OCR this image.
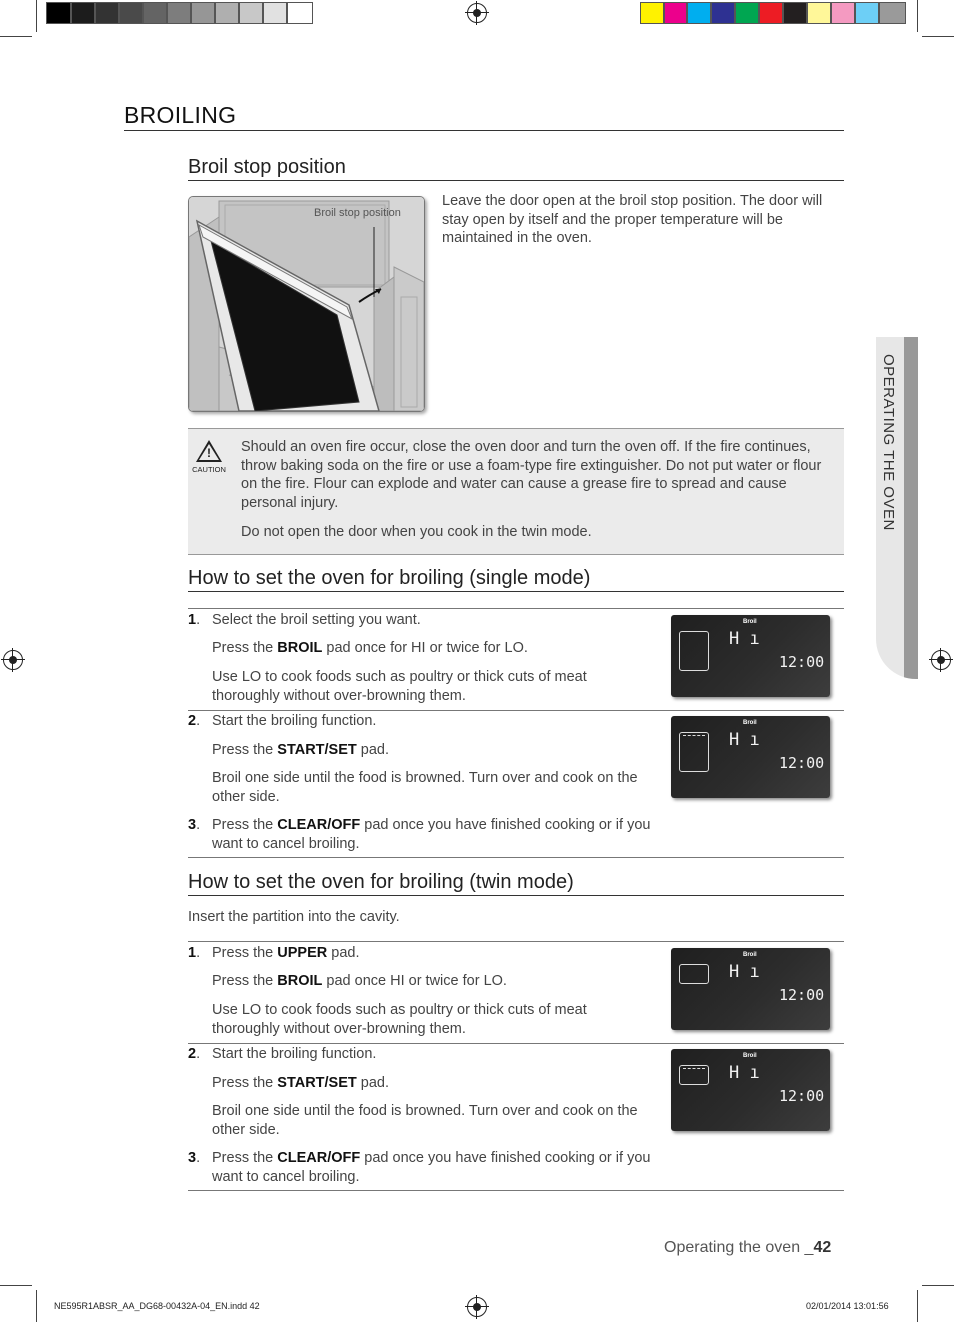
BROILING
OPERATING THE OVEN
Broil stop position
Broil stop position
Leave the door open at the broil stop position. The door will stay open by itself and the proper temperature will be maintained in the oven.
!
CAUTION
Should an oven fire occur, close the oven door and turn the oven off. If the fire continues, throw baking soda on the fire or use a foam-type fire extinguisher. Do not put water or flour on the fire. Flour can explode and water can cause a grease fire to spread and cause personal injury.
Do not open the door when you cook in the twin mode.
How to set the oven for broiling (single mode)
1. Select the broil setting you want.
Press the BROIL pad once for HI or twice for LO.
Use LO to cook foods such as poultry or thick cuts of meat thoroughly without over-browning them.
Broil
H ı
12:00
2. Start the broiling function.
Press the START/SET pad.
Broil one side until the food is browned. Turn over and cook on the other side.
3. Press the CLEAR/OFF pad once you have finished cooking or if you want to cancel broiling.
Broil
H ı
12:00
How to set the oven for broiling (twin mode)
Insert the partition into the cavity.
1. Press the UPPER pad.
Press the BROIL pad once HI or twice for LO.
Use LO to cook foods such as poultry or thick cuts of meat thoroughly without over-browning them.
Broil
H ı
12:00
2. Start the broiling function.
Press the START/SET pad.
Broil one side until the food is browned. Turn over and cook on the other side.
3. Press the CLEAR/OFF pad once you have finished cooking or if you want to cancel broiling.
Broil
H ı
12:00
Operating the oven _42
NE595R1ABSR_AA_DG68-00432A-04_EN.indd 42	02/01/2014 13:01:56
